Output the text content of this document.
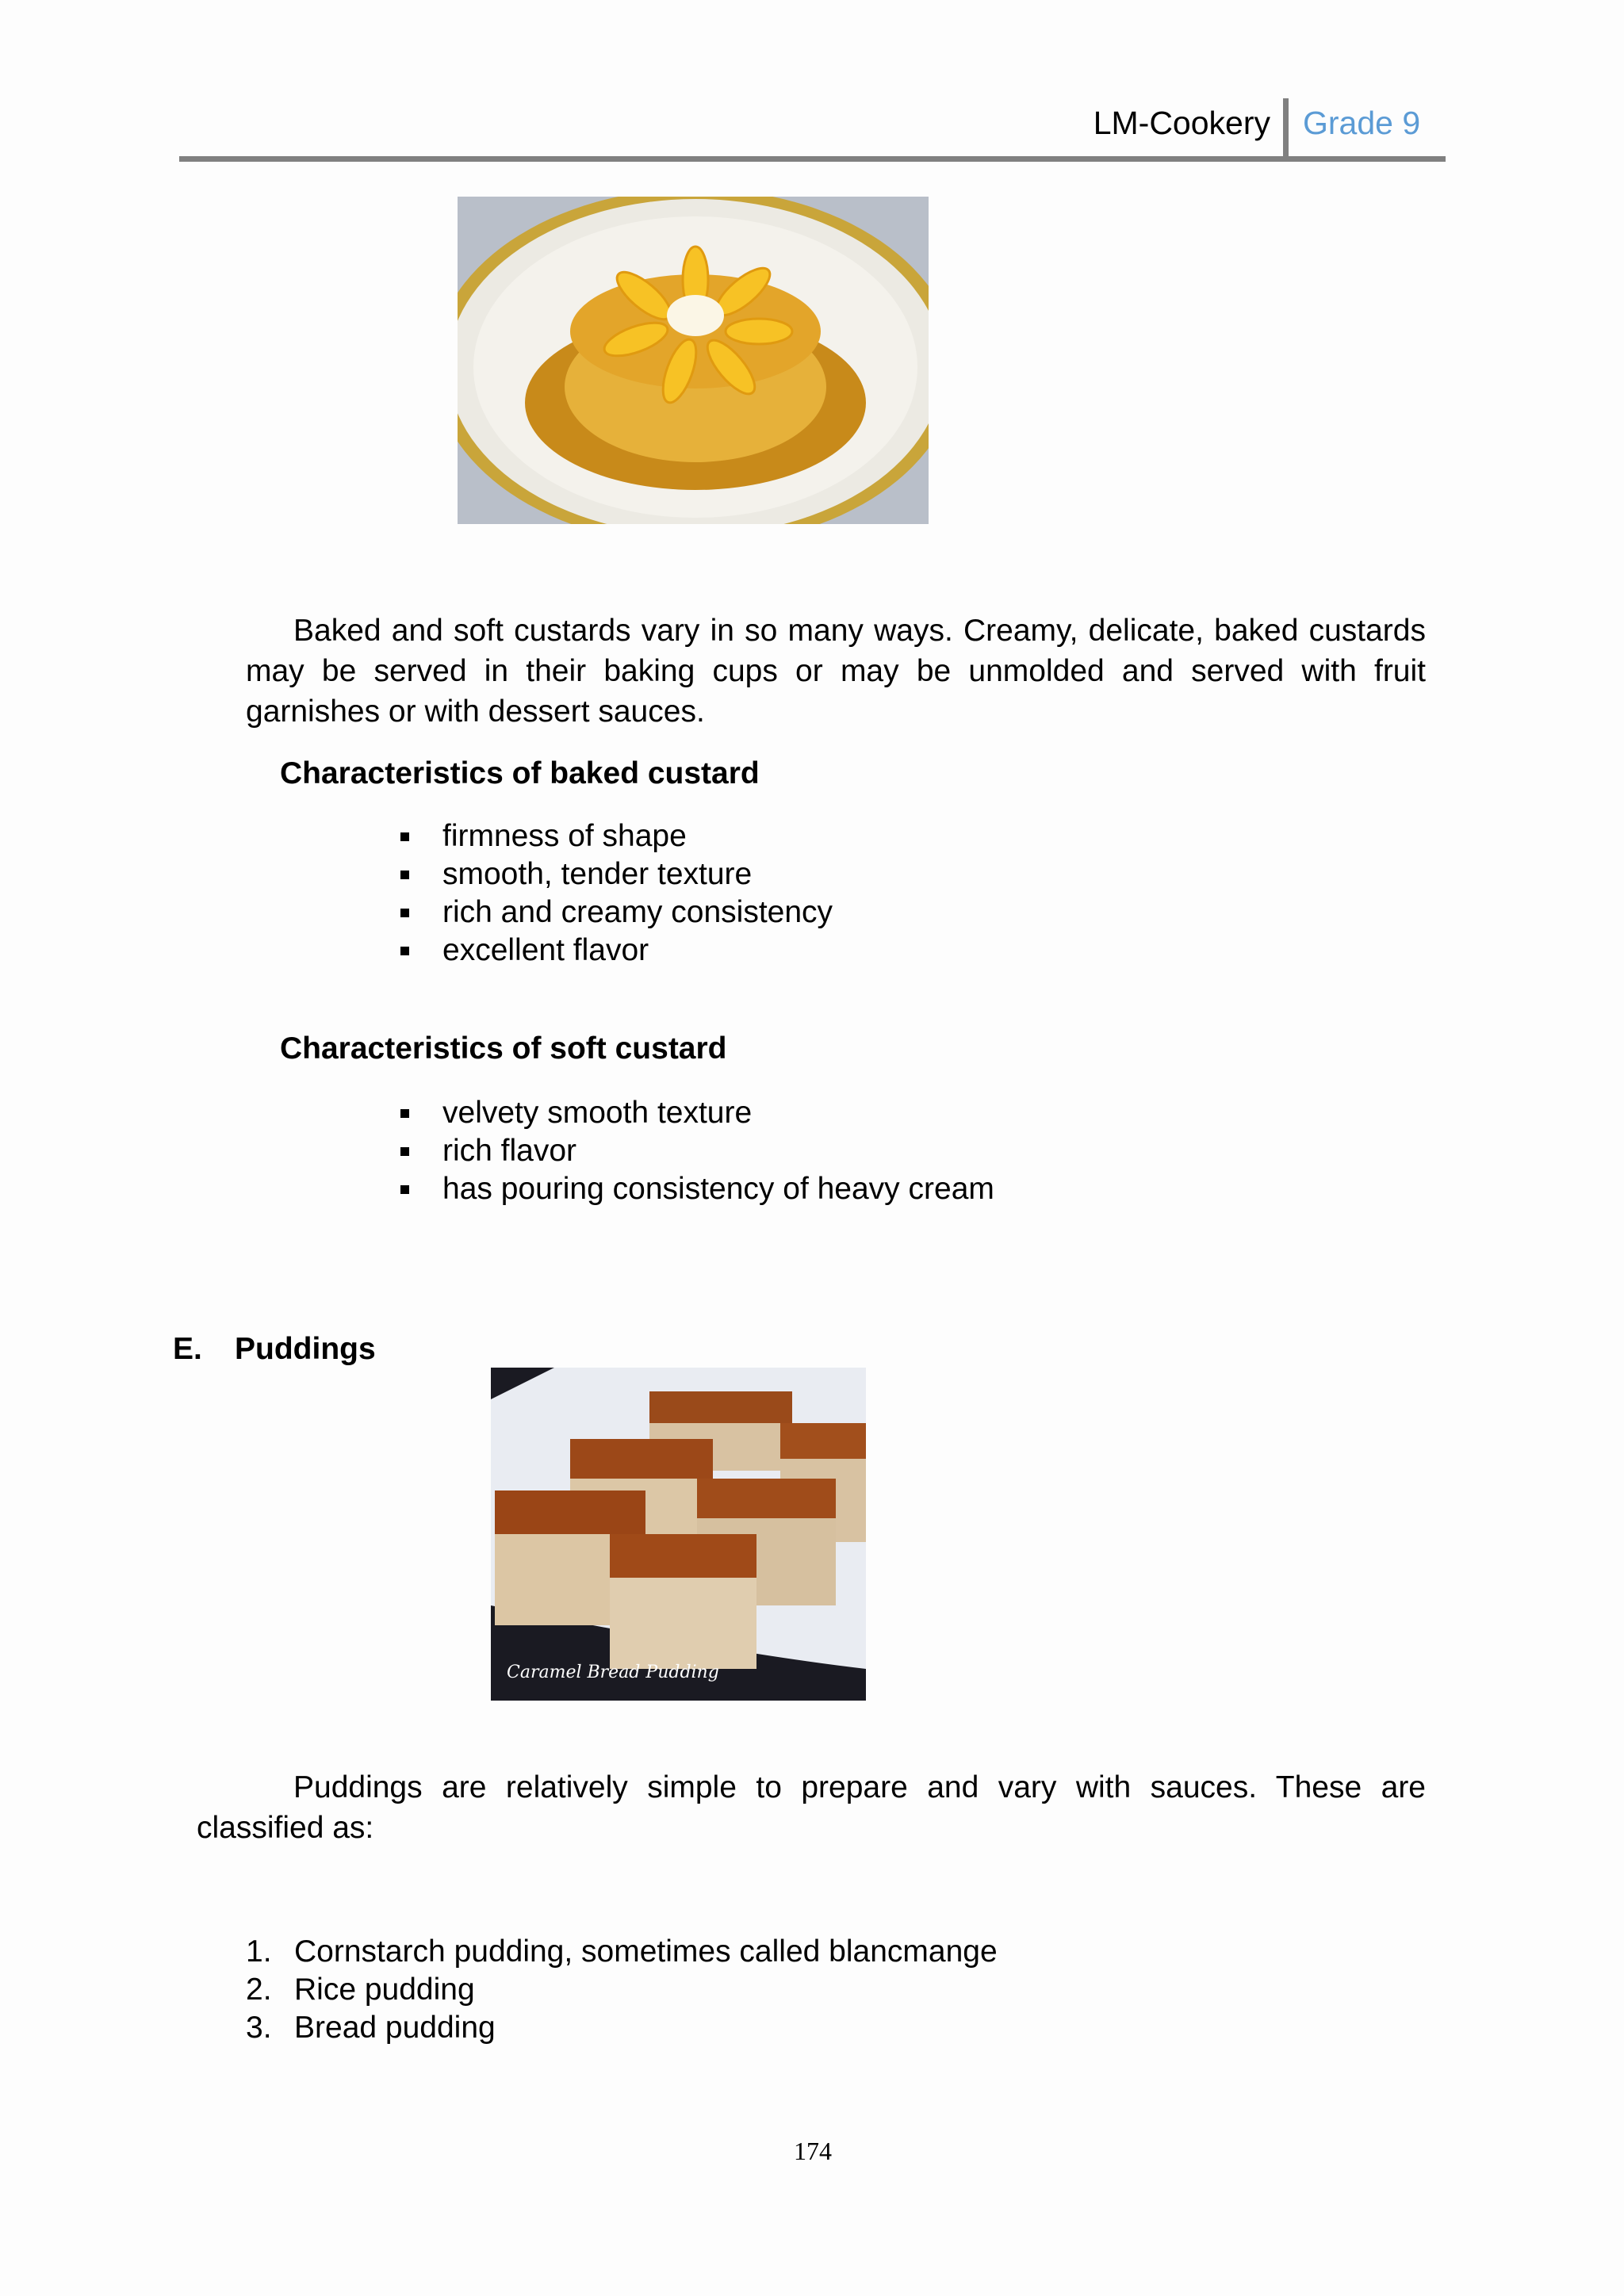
LM-Cookery Grade 9
Baked and soft custards vary in so many ways. Creamy, delicate, baked custards may be served in their baking cups or may be unmolded and served with fruit garnishes or with dessert sauces.
Characteristics of baked custard
firmness of shape
smooth, tender texture
rich and creamy consistency
excellent flavor
Characteristics of soft custard
velvety smooth texture
rich flavor
has pouring consistency of heavy cream
E. Puddings
Caramel Bread Pudding
Puddings are relatively simple to prepare and vary with sauces. These are classified as:
1. Cornstarch pudding, sometimes called blancmange
2. Rice pudding
3. Bread pudding
174
